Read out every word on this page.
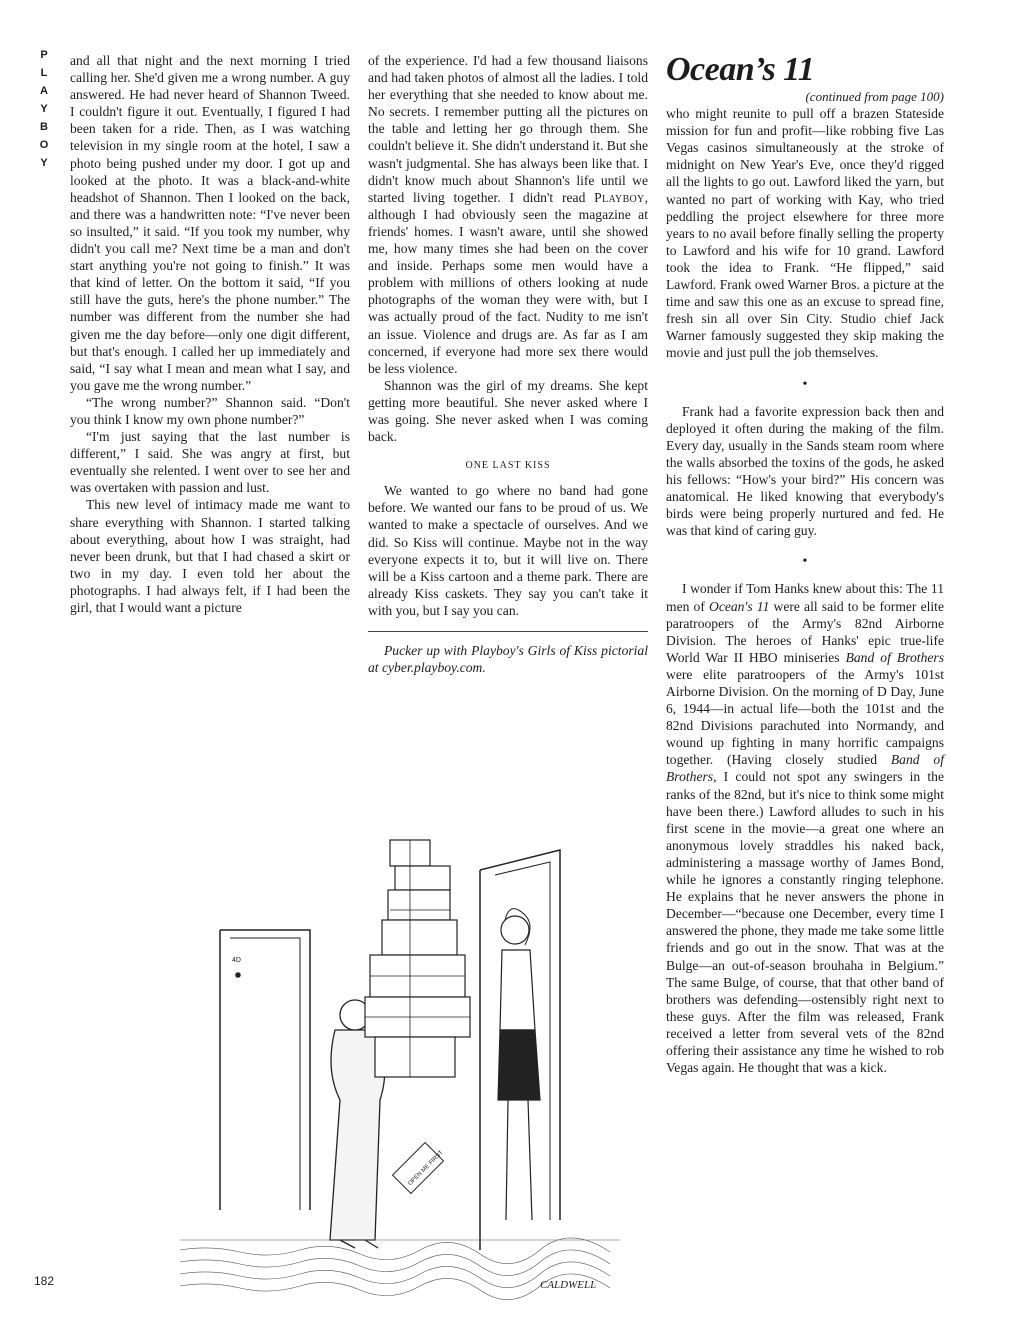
P
L
A
Y
B
O
Y

and all that night and the next morning I tried calling her. She'd given me a wrong number. A guy answered. He had never heard of Shannon Tweed. I couldn't figure it out. Eventually, I figured I had been taken for a ride. Then, as I was watching television in my single room at the hotel, I saw a photo being pushed under my door. I got up and looked at the photo. It was a black-and-white headshot of Shannon. Then I looked on the back, and there was a handwritten note: “I've never been so insulted,” it said. “If you took my number, why didn't you call me? Next time be a man and don't start anything you're not going to finish.” It was that kind of letter. On the bottom it said, “If you still have the guts, here's the phone number.” The number was different from the number she had given me the day before—only one digit different, but that's enough. I called her up immediately and said, “I say what I mean and mean what I say, and you gave me the wrong number.”

“The wrong number?” Shannon said. “Don't you think I know my own phone number?”

“I'm just saying that the last number is different,” I said. She was angry at first, but eventually she relented. I went over to see her and was overtaken with passion and lust.

This new level of intimacy made me want to share everything with Shannon. I started talking about everything, about how I was straight, had never been drunk, but that I had chased a skirt or two in my day. I even told her about the photographs. I had always felt, if I had been the girl, that I would want a picture

of the experience. I'd had a few thousand liaisons and had taken photos of almost all the ladies. I told her everything that she needed to know about me. No secrets. I remember putting all the pictures on the table and letting her go through them. She couldn't believe it. She didn't understand it. But she wasn't judgmental. She has always been like that. I didn't know much about Shannon's life until we started living together. I didn't read Playboy, although I had obviously seen the magazine at friends' homes. I wasn't aware, until she showed me, how many times she had been on the cover and inside. Perhaps some men would have a problem with millions of others looking at nude photographs of the woman they were with, but I was actually proud of the fact. Nudity to me isn't an issue. Violence and drugs are. As far as I am concerned, if everyone had more sex there would be less violence.

Shannon was the girl of my dreams. She kept getting more beautiful. She never asked where I was going. She never asked when I was coming back.

ONE LAST KISS

We wanted to go where no band had gone before. We wanted our fans to be proud of us. We wanted to make a spectacle of ourselves. And we did. So Kiss will continue. Maybe not in the way everyone expects it to, but it will live on. There will be a Kiss cartoon and a theme park. There are already Kiss caskets. They say you can't take it with you, but I say you can.

Pucker up with Playboy's Girls of Kiss pictorial at cyber.playboy.com.

Ocean’s 11

(continued from page 100)

who might reunite to pull off a brazen Stateside mission for fun and profit—like robbing five Las Vegas casinos simultaneously at the stroke of midnight on New Year's Eve, once they'd rigged all the lights to go out. Lawford liked the yarn, but wanted no part of working with Kay, who tried peddling the project elsewhere for three more years to no avail before finally selling the property to Lawford and his wife for 10 grand. Lawford took the idea to Frank. “He flipped,” said Lawford. Frank owed Warner Bros. a picture at the time and saw this one as an excuse to spread fine, fresh sin all over Sin City. Studio chief Jack Warner famously suggested they skip making the movie and just pull the job themselves.

•

Frank had a favorite expression back then and deployed it often during the making of the film. Every day, usually in the Sands steam room where the walls absorbed the toxins of the gods, he asked his fellows: “How's your bird?” His concern was anatomical. He liked knowing that everybody's birds were being properly nurtured and fed. He was that kind of caring guy.

•

I wonder if Tom Hanks knew about this: The 11 men of Ocean's 11 were all said to be former elite paratroopers of the Army's 82nd Airborne Division. The heroes of Hanks' epic true-life World War II HBO miniseries Band of Brothers were elite paratroopers of the Army's 101st Airborne Division. On the morning of D Day, June 6, 1944—in actual life—both the 101st and the 82nd Divisions parachuted into Normandy, and wound up fighting in many horrific campaigns together. (Having closely studied Band of Brothers, I could not spot any swingers in the ranks of the 82nd, but it's nice to think some might have been there.) Lawford alludes to such in his first scene in the movie—a great one where an anonymous lovely straddles his naked back, administering a massage worthy of James Bond, while he ignores a constantly ringing telephone. He explains that he never answers the phone in December—“because one December, every time I answered the phone, they made me take some little friends and go out in the snow. That was at the Bulge—an out-of-season brouhaha in Belgium.” The same Bulge, of course, that that other band of brothers was defending—ostensibly right next to these guys. After the film was released, Frank received a letter from several vets of the 82nd offering their assistance any time he wished to rob Vegas again. He thought that was a kick.

4D
OPEN ME FIRST
CALDWELL
182
